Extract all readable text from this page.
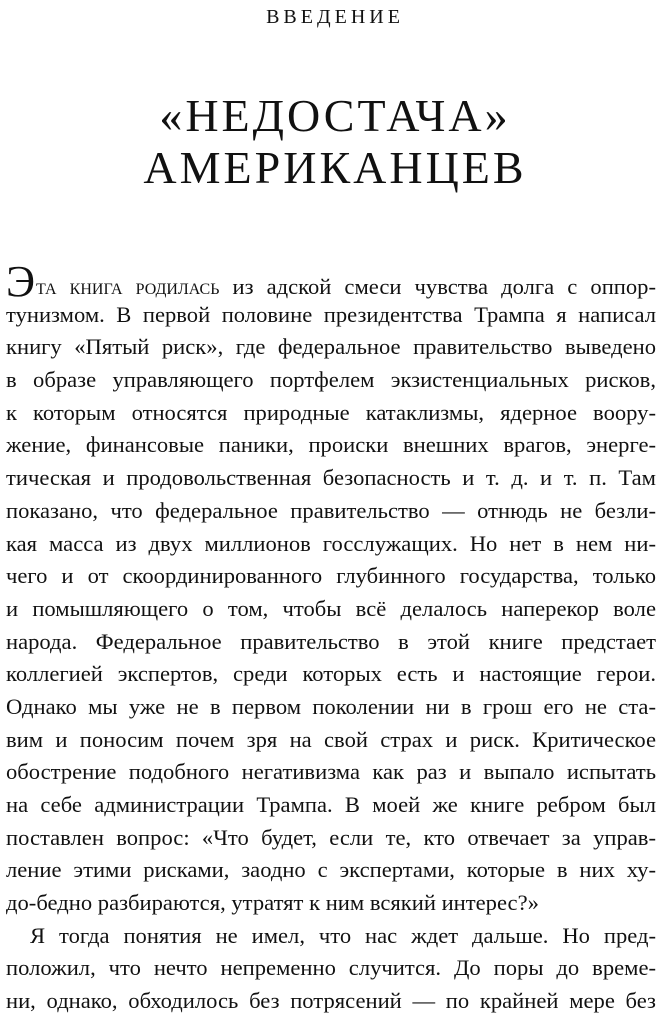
ВВЕДЕНИЕ
«НЕДОСТАЧА»
АМЕРИКАНЦЕВ
Эта книга родилась из адской смеси чувства долга с оппор-
тунизмом. В первой половине президентства Трампа я написал
книгу «Пятый риск», где федеральное правительство выведено
в образе управляющего портфелем экзистенциальных рисков,
к которым относятся природные катаклизмы, ядерное воору-
жение, финансовые паники, происки внешних врагов, энерге-
тическая и продовольственная безопасность и т. д. и т. п. Там
показано, что федеральное правительство — отнюдь не безли-
кая масса из двух миллионов госслужащих. Но нет в нем ни-
чего и от скоординированного глубинного государства, только
и помышляющего о том, чтобы всё делалось наперекор воле
народа. Федеральное правительство в этой книге предстает
коллегией экспертов, среди которых есть и настоящие герои.
Однако мы уже не в первом поколении ни в грош его не ста-
вим и поносим почем зря на свой страх и риск. Критическое
обострение подобного негативизма как раз и выпало испытать
на себе администрации Трампа. В моей же книге ребром был
поставлен вопрос: «Что будет, если те, кто отвечает за управ-
ление этими рисками, заодно с экспертами, которые в них ху-
до-бедно разбираются, утратят к ним всякий интерес?»
Я тогда понятия не имел, что нас ждет дальше. Но пред-
положил, что нечто непременно случится. До поры до време-
ни, однако, обходилось без потрясений — по крайней мере без
